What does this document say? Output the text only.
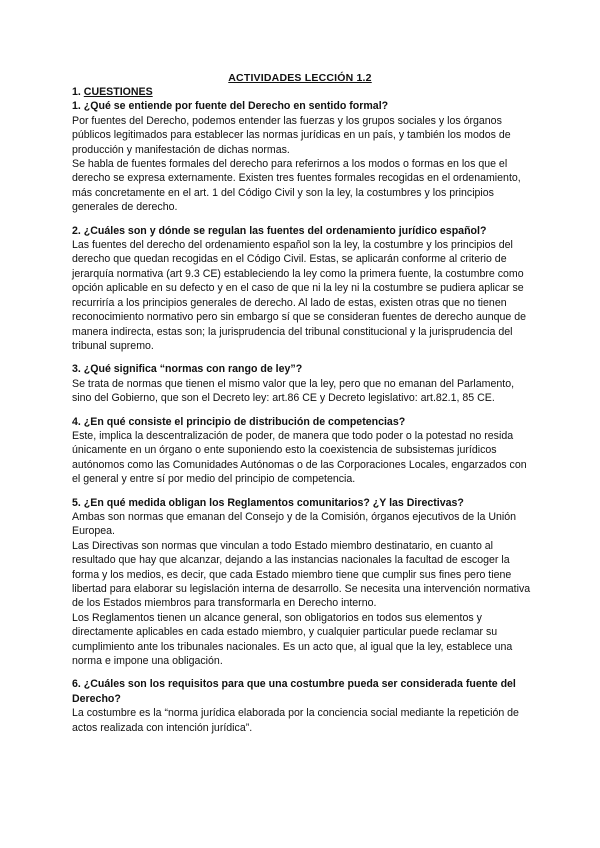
ACTIVIDADES LECCIÓN 1.2

1. CUESTIONES

1. ¿Qué se entiende por fuente del Derecho en sentido formal?

Por fuentes del Derecho, podemos entender las fuerzas y los grupos sociales y los órganos públicos legitimados para establecer las normas jurídicas en un país, y también los modos de producción y manifestación de dichas normas.

Se habla de fuentes formales del derecho para referirnos a los modos o formas en los que el derecho se expresa externamente. Existen tres fuentes formales recogidas en el ordenamiento, más concretamente en el art. 1 del Código Civil y son la ley, la costumbres y los principios generales de derecho.

2. ¿Cuáles son y dónde se regulan las fuentes del ordenamiento jurídico español?

Las fuentes del derecho del ordenamiento español son la ley, la costumbre y los principios del derecho que quedan recogidas en el Código Civil. Estas, se aplicarán conforme al criterio de jerarquía normativa (art 9.3 CE) estableciendo la ley como la primera fuente, la costumbre como opción aplicable en su defecto y en el caso de que ni la ley ni la costumbre se pudiera aplicar se recurriría a los principios generales de derecho. Al lado de estas, existen otras que no tienen reconocimiento normativo pero sin embargo sí que se consideran fuentes de derecho aunque de manera indirecta, estas son; la jurisprudencia del tribunal constitucional y la jurisprudencia del tribunal supremo.

3. ¿Qué significa “normas con rango de ley”?

Se trata de normas que tienen el mismo valor que la ley, pero que no emanan del Parlamento, sino del Gobierno, que son el Decreto ley: art.86 CE y Decreto legislativo: art.82.1, 85 CE.

4. ¿En qué consiste el principio de distribución de competencias?

Este, implica la descentralización de poder, de manera que todo poder o la potestad no resida únicamente en un órgano o ente suponiendo esto la coexistencia de subsistemas jurídicos autónomos como las Comunidades Autónomas o de las Corporaciones Locales, engarzados con el general y entre sí por medio del principio de competencia.

5. ¿En qué medida obligan los Reglamentos comunitarios? ¿Y las Directivas?

Ambas son normas que emanan del Consejo y de la Comisión, órganos ejecutivos de la Unión Europea.

Las Directivas son normas que vinculan a todo Estado miembro destinatario, en cuanto al resultado que hay que alcanzar, dejando a las instancias nacionales la facultad de escoger la forma y los medios, es decir, que cada Estado miembro tiene que cumplir sus fines pero tiene libertad para elaborar su legislación interna de desarrollo. Se necesita una intervención normativa de los Estados miembros para transformarla en Derecho interno.

Los Reglamentos tienen un alcance general, son obligatorios en todos sus elementos y directamente aplicables en cada estado miembro, y cualquier particular puede reclamar su cumplimiento ante los tribunales nacionales. Es un acto que, al igual que la ley, establece una norma e impone una obligación.

6. ¿Cuáles son los requisitos para que una costumbre pueda ser considerada fuente del Derecho?

La costumbre es la “norma jurídica elaborada por la conciencia social mediante la repetición de actos realizada con intención jurídica”.
